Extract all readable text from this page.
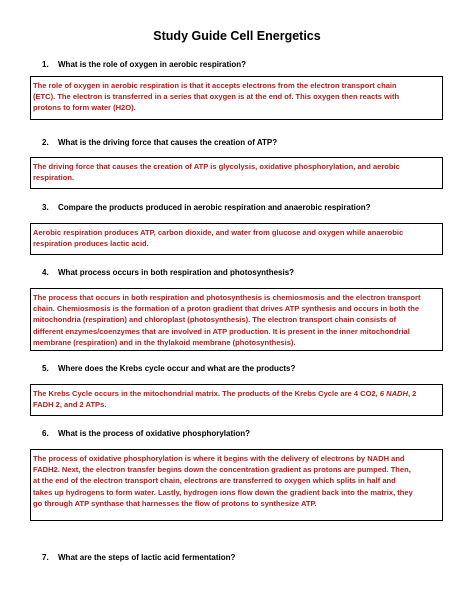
Study Guide Cell Energetics
1. What is the role of oxygen in aerobic respiration?
The role of oxygen in aerobic respiration is that it accepts electrons from the electron transport chain
(ETC). The electron is transferred in a series that oxygen is at the end of. This oxygen then reacts with
protons to form water (H2O).
2. What is the driving force that causes the creation of ATP?
The driving force that causes the creation of ATP is glycolysis, oxidative phosphorylation, and aerobic
respiration.
3. Compare the products produced in aerobic respiration and anaerobic respiration?
Aerobic respiration produces ATP, carbon dioxide, and water from glucose and oxygen while anaerobic
respiration produces lactic acid.
4. What process occurs in both respiration and photosynthesis?
The process that occurs in both respiration and photosynthesis is chemiosmosis and the electron transport
chain. Chemiosmosis is the formation of a proton gradient that drives ATP synthesis and occurs in both the
mitochondria (respiration) and chloroplast (photosynthesis). The electron transport chain consists of
different enzymes/coenzymes that are involved in ATP production. It is present in the inner mitochondrial
membrane (respiration) and in the thylakoid membrane (photosynthesis).
5. Where does the Krebs cycle occur and what are the products?
The Krebs Cycle occurs in the mitochondrial matrix. The products of the Krebs Cycle are 4 CO2, 6 NADH, 2
FADH 2, and 2 ATPs.
6. What is the process of oxidative phosphorylation?
The process of oxidative phosphorylation is where it begins with the delivery of electrons by NADH and
FADH2. Next, the electron transfer begins down the concentration gradient as protons are pumped. Then,
at the end of the electron transport chain, electrons are transferred to oxygen which splits in half and
takes up hydrogens to form water. Lastly, hydrogen ions flow down the gradient back into the matrix, they
go through ATP synthase that harnesses the flow of protons to synthesize ATP.
7. What are the steps of lactic acid fermentation?
